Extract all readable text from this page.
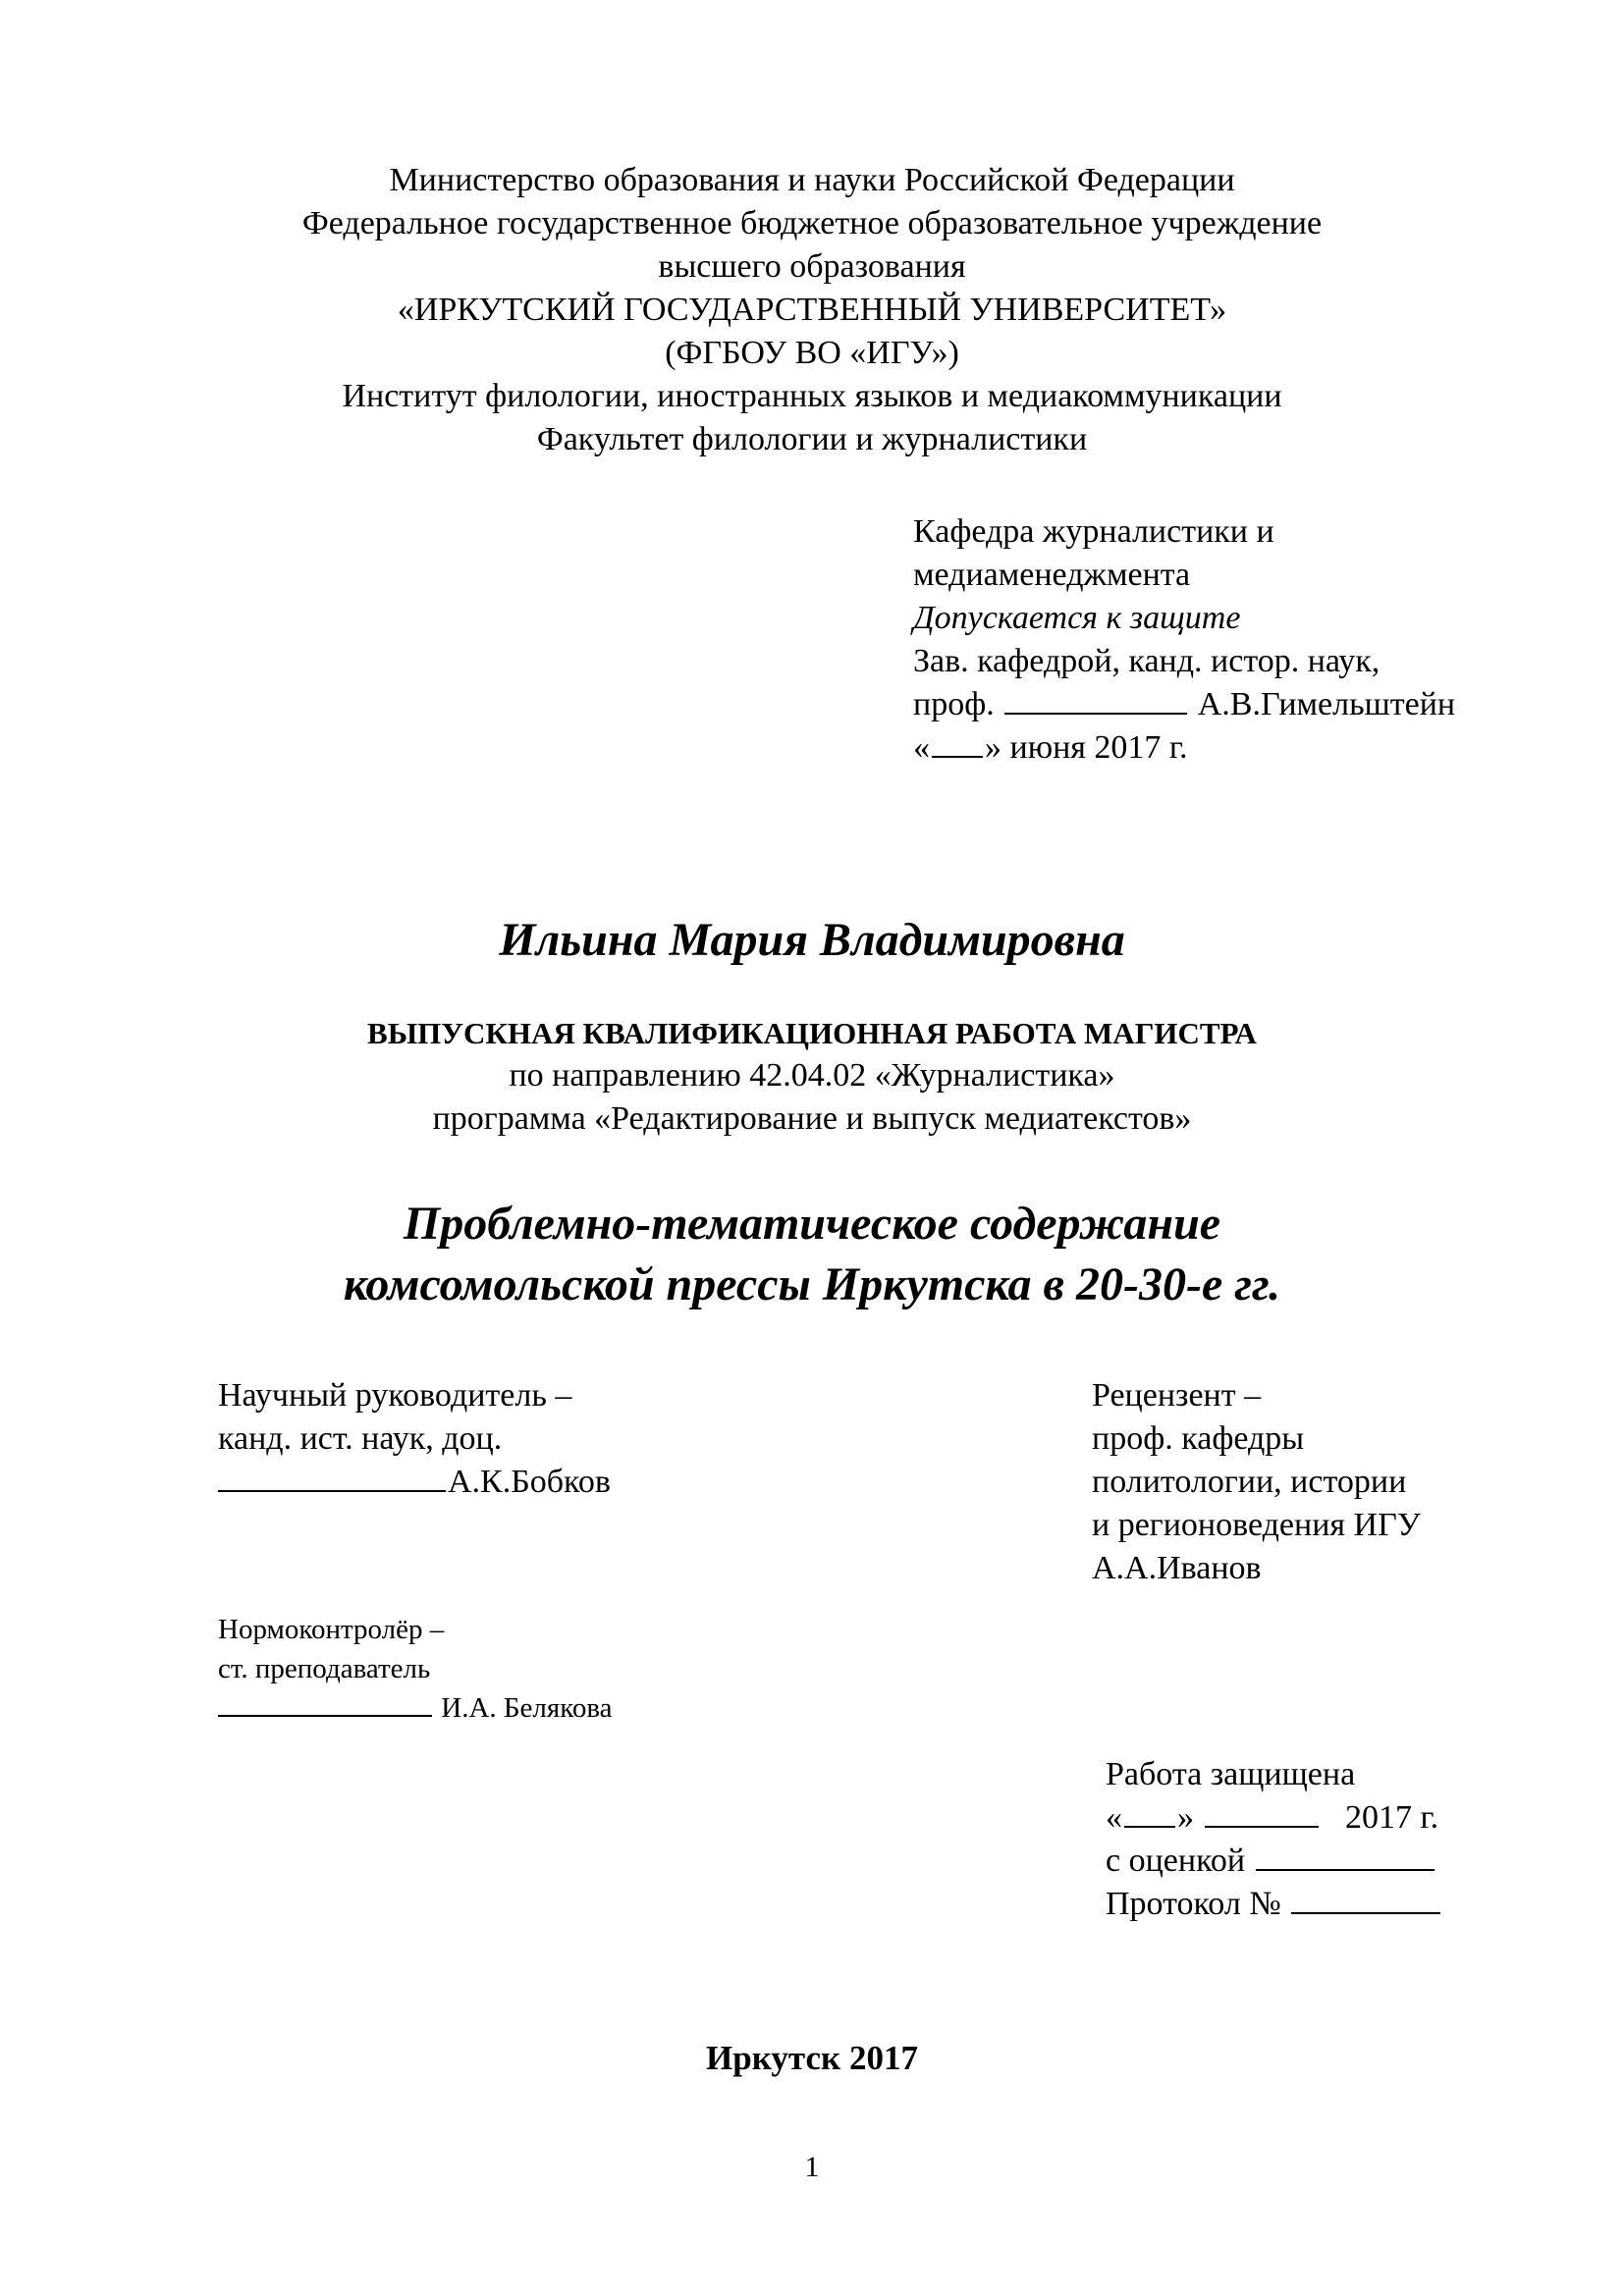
Министерство образования и науки Российской Федерации
Федеральное государственное бюджетное образовательное учреждение
высшего образования
«ИРКУТСКИЙ ГОСУДАРСТВЕННЫЙ УНИВЕРСИТЕТ»
(ФГБОУ ВО «ИГУ»)
Институт филологии, иностранных языков и медиакоммуникации
Факультет филологии и журналистики
Кафедра журналистики и
медиаменеджмента
Допускается к защите
Зав. кафедрой, канд. истор. наук,
проф.	А.В.Гимельштейн
« » июня 2017 г.
Ильина Мария Владимировна
ВЫПУСКНАЯ КВАЛИФИКАЦИОННАЯ РАБОТА МАГИСТРА
по направлению 42.04.02 «Журналистика»
программа «Редактирование и выпуск медиатекстов»
Проблемно-тематическое содержание
комсомольской прессы Иркутска в 20-30-е гг.
Научный руководитель –
канд. ист. наук, доц.
А.К.Бобков
Рецензент –
проф. кафедры
политологии, истории
и регионоведения ИГУ
А.А.Иванов
Нормоконтролёр –
ст. преподаватель
И.А. Белякова
Работа защищена
« »	2017 г.
с оценкой
Протокол №
Иркутск 2017
1
